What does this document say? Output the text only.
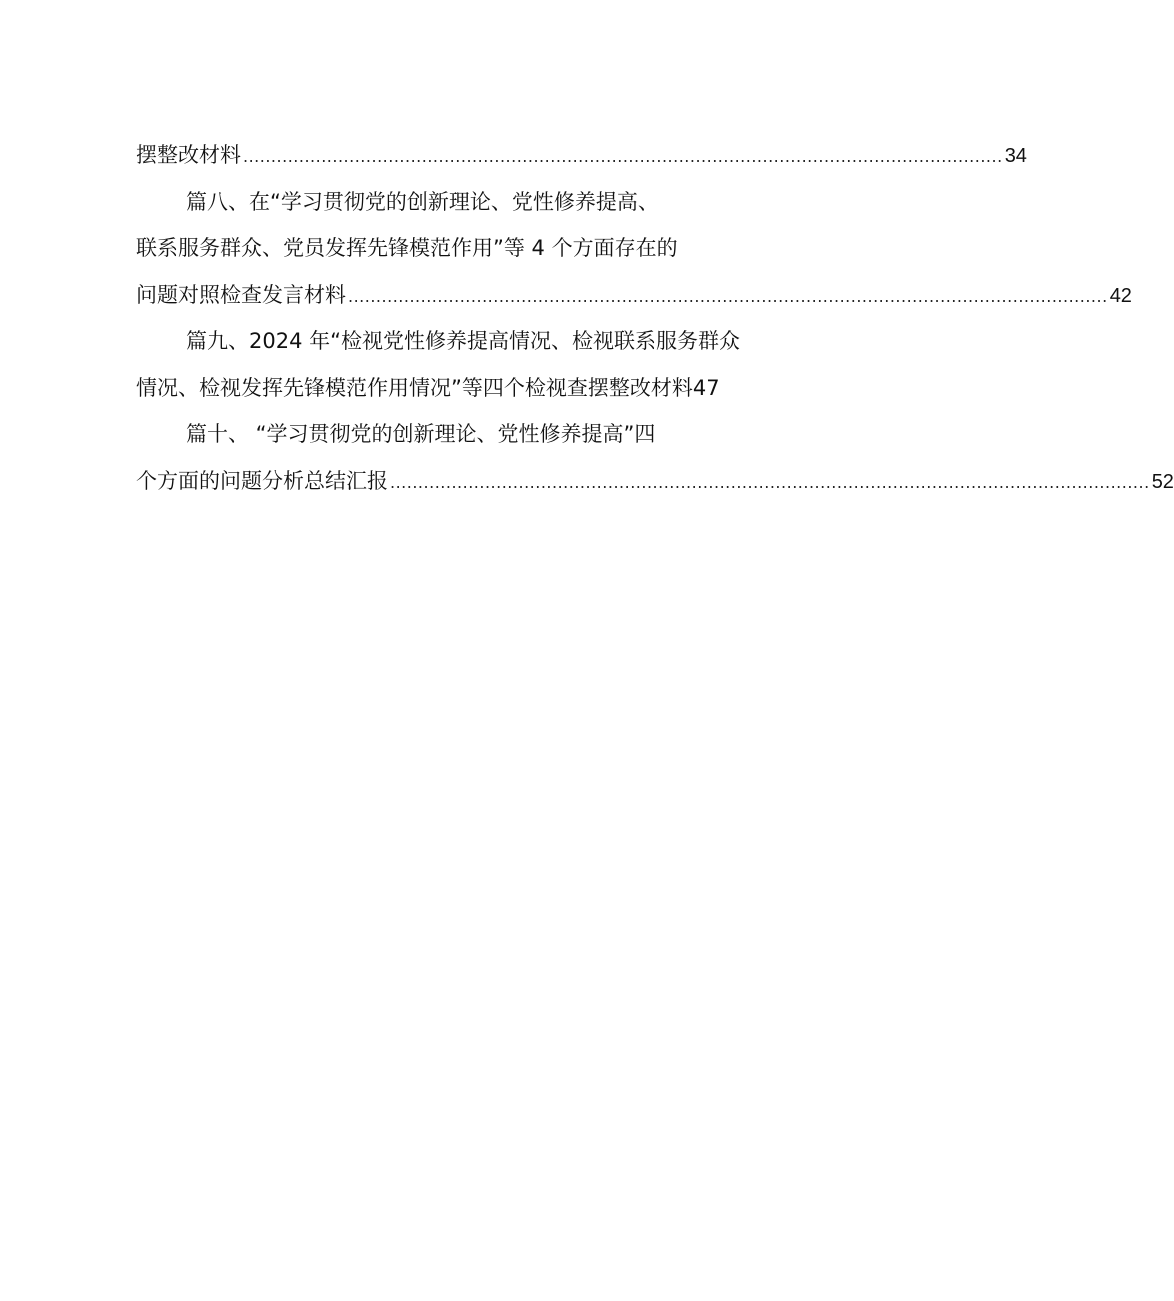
摆整改材料 ........................................................................................................................................ 34
篇八、在“学习贯彻党的创新理论、党性修养提高、
联系服务群众、党员发挥先锋模范作用”等 4 个方面存在的
问题对照检查发言材料 ........................................................................................................................................ 42
篇九、2024 年“检视党性修养提高情况、检视联系服务群众
情况、检视发挥先锋模范作用情况”等四个检视查摆整改材料47
篇十、 “学习贯彻党的创新理论、党性修养提高”四
个方面的问题分析总结汇报 ........................................................................................................................................ 52
